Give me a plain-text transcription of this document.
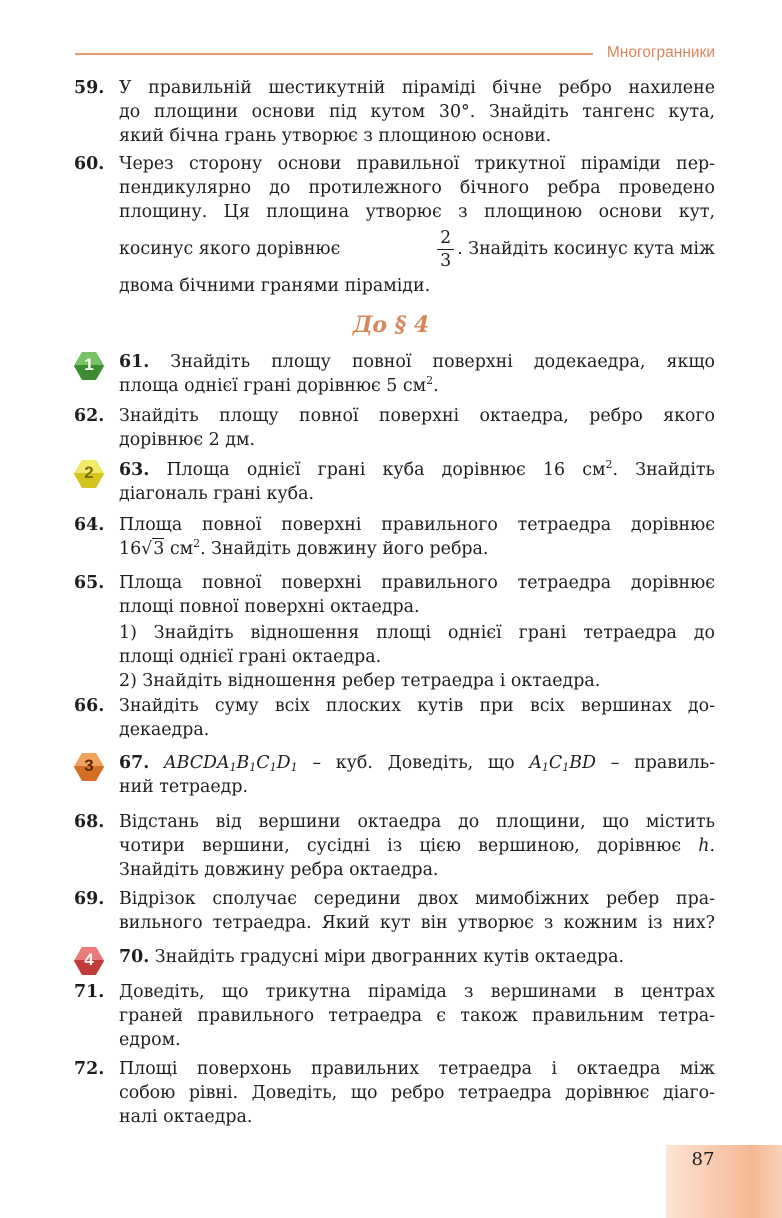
Многогранники
59. У правильній шестикутній піраміді бічне ребро нахилене
до площини основи під кутом 30°. Знайдіть тангенс кута,
який бічна грань утворює з площиною основи.
60. Через сторону основи правильної трикутної піраміди пер-
пендикулярно до протилежного бічного ребра проведено
площину. Ця площина утворює з площиною основи кут,
косинус якого дорівнює	$\frac{2}{3}$ . Знайдіть косинус кута між
двома бічними гранями піраміди.
До § 4
1	61. Знайдіть площу повної поверхні додекаедра, якщо
площа однієї грані дорівнює 5 $см^2$.
62. Знайдіть площу повної поверхні октаедра, ребро якого
дорівнює 2 дм.
2	63. Площа однієї грані куба дорівнює 16 $см^2$. Знайдіть
діагональ грані куба.
64. Площа повної поверхні правильного тетраедра дорівнює
16√3 $см^2$. Знайдіть довжину його ребра.
65. Площа повної поверхні правильного тетраедра дорівнює
площі повної поверхні октаедра.
1) Знайдіть відношення площі однієї грані тетраедра до
площі однієї грані октаедра.
2) Знайдіть відношення ребер тетраедра і октаедра.
66. Знайдіть суму всіх плоских кутів при всіх вершинах до-
декаедра.
3	67. $ABCDA_1B_1C_1D_1$ – куб. Доведіть, що $A_1C_1BD$ – правиль-
ний тетраедр.
68. Відстань від вершини октаедра до площини, що містить
чотири вершини, сусідні із цією вершиною, дорівнює h.
Знайдіть довжину ребра октаедра.
69. Відрізок сполучає середини двох мимобіжних ребер пра-
вильного тетраедра. Який кут він утворює з кожним із них?
4	70. Знайдіть градусні міри двогранних кутів октаедра.
71. Доведіть, що трикутна піраміда з вершинами в центрах
граней правильного тетраедра є також правильним тетра-
едром.
72. Площі поверхонь правильних тетраедра і октаедра між
собою рівні. Доведіть, що ребро тетраедра дорівнює діаго-
налі октаедра.
87
